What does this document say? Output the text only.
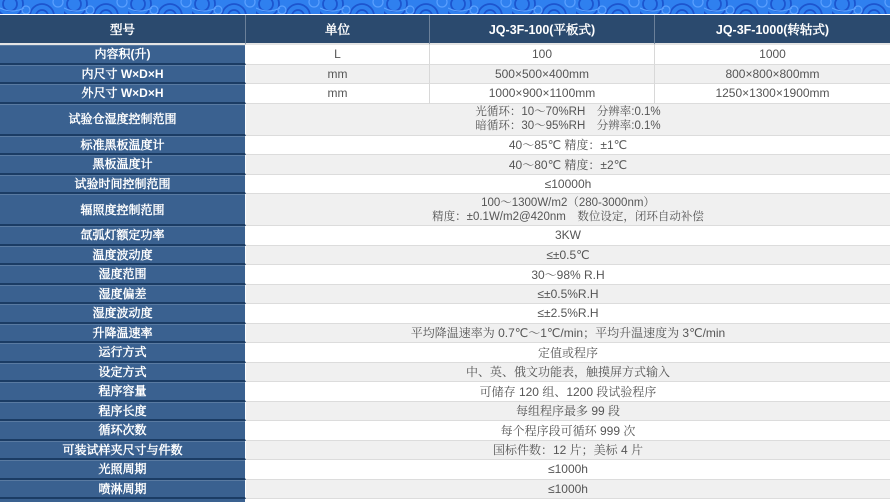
型号	单位	JQ-3F-100(平板式)	JQ-3F-1000(转轱式)
内容积(升)	L	100	1000
内尺寸 W×D×H	mm	500×500×400mm	800×800×800mm
外尺寸 W×D×H	mm	1000×900×1100mm	1250×1300×1900mm
试验仓湿度控制范围	光循环：10～70%RH　分辨率:0.1%
暗循环：30～95%RH　分辨率:0.1%
标准黑板温度计	40～85℃ 精度：±1℃
黑板温度计	40～80℃ 精度：±2℃
试验时间控制范围	≤10000h
辐照度控制范围	100～1300W/m2（280-3000nm）
精度：±0.1W/m2@420nm　数位设定，闭环自动补偿
氙弧灯额定功率	3KW
温度波动度	≤±0.5℃
湿度范围	30～98% R.H
湿度偏差	≤±0.5%R.H
湿度波动度	≤±2.5%R.H
升降温速率	平均降温速率为 0.7℃～1℃/min；平均升温速度为 3℃/min
运行方式	定值或程序
设定方式	中、英、俄文功能表，触摸屏方式输入
程序容量	可储存 120 组、1200 段试验程序
程序长度	每组程序最多 99 段
循环次数	每个程序段可循环 999 次
可装试样夹尺寸与件数	国标件数：12 片；美标 4 片
光照周期	≤1000h
喷淋周期	≤1000h
